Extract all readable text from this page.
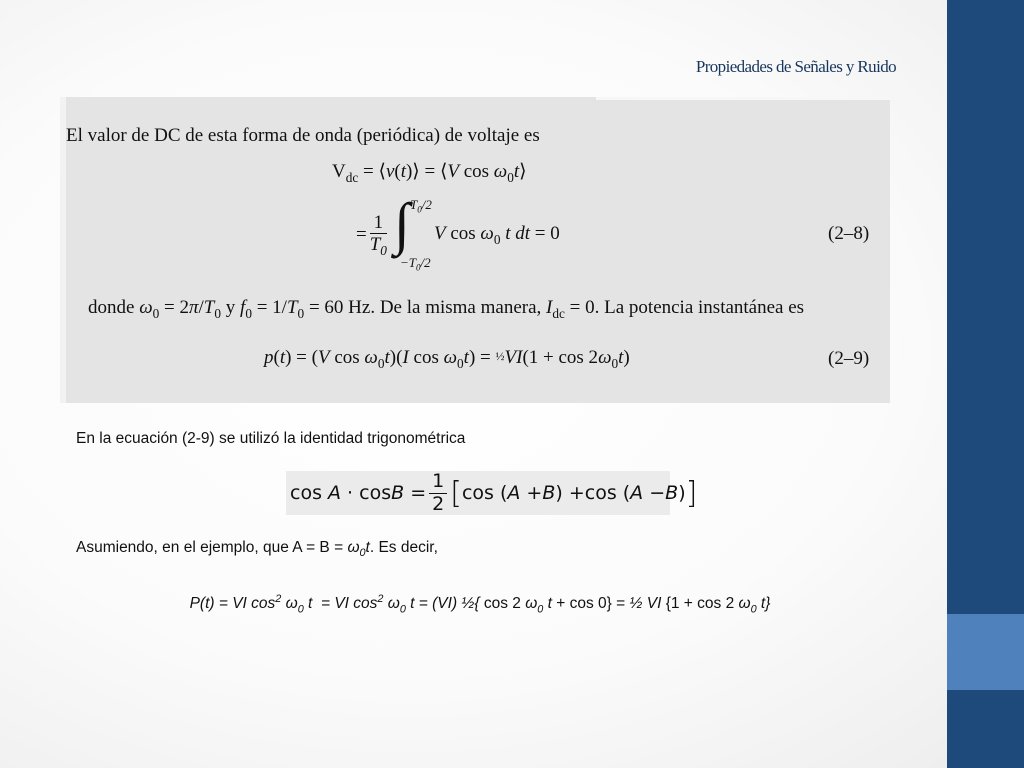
Propiedades de Señales y Ruido
El valor de DC de esta forma de onda (periódica) de voltaje es
$V_{dc}$ = ⟨v(t)⟩ = ⟨V $\cos \omega_0t⟩$
= $\frac{1}{T_0}$ ∫ $T_0/2$
$-T_0/2$
V $\cos \omega_0$ t dt = 0	(2–8)
donde $\omega_0 = 2\pi/T_0$ y $f_0 = 1/T_0 = 60$ Hz. De la misma manera, $I_{dc} = 0$. La potencia instantánea es
p(t) = (V $\cos \omega_0t)(I$ $\cos \omega_0t$) = ½VI(1 + $\cos 2\omega_0t$)	(2–9)
En la ecuación (2-9) se utilizó la identidad trigonométrica
$\cos A \cdot \cos B = \frac{1}{2}$ [ cos (A +B) +cos (A −B) ]
Asumiendo, en el ejemplo, que $A = B = \omega_0t$. Es decir,
P(t) = VI $\cos^2 \omega_0$ t  = VI $\cos^2 \omega_0$ t = (VI) ½{ cos 2 $\omega_0$ t + cos 0} = ½ VI {1 + cos 2 $\omega_0$ t}
